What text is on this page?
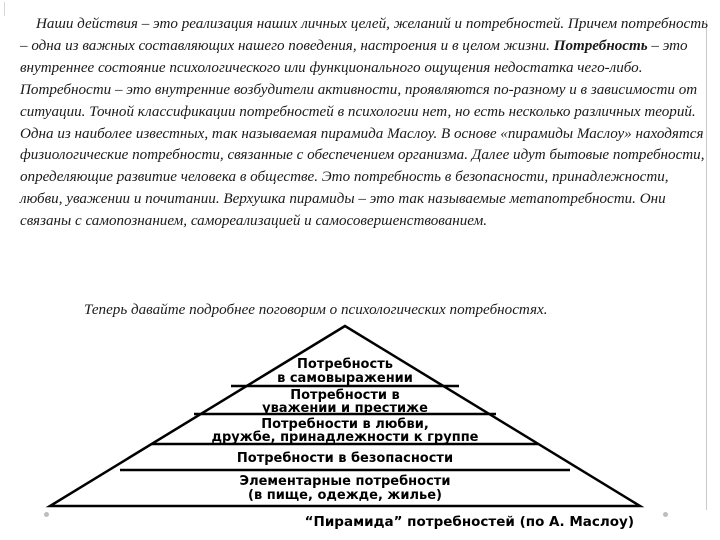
Наши действия – это реализация наших личных целей, желаний и потребностей. Причем потребность – одна из важных составляющих нашего поведения, настроения и в целом жизни. Потребность – это внутреннее состояние психологического или функционального ощущения недостатка чего-либо. Потребности – это внутренние возбудители активности, проявляются по-разному и в зависимости от ситуации. Точной классификации потребностей в психологии нет, но есть несколько различных теорий. Одна из наиболее известных, так называемая пирамида Маслоу. В основе «пирамиды Маслоу» находятся физиологические потребности, связанные с обеспечением организма. Далее идут бытовые потребности, определяющие развитие человека в обществе. Это потребность в безопасности, принадлежности, любви, уважении и почитании. Верхушка пирамиды – это так называемые метапотребности. Они связаны с самопознанием, самореализацией и самосовершенствованием.

Теперь давайте подробнее поговорим о психологических потребностях.
Потребность
в самовыражении
Потребности в
уважении и престиже
Потребности в любви,
дружбе, принадлежности к группе
Потребности в безопасности
Элементарные потребности
(в пище, одежде, жилье)
“Пирамида” потребностей (по А. Маслоу)
